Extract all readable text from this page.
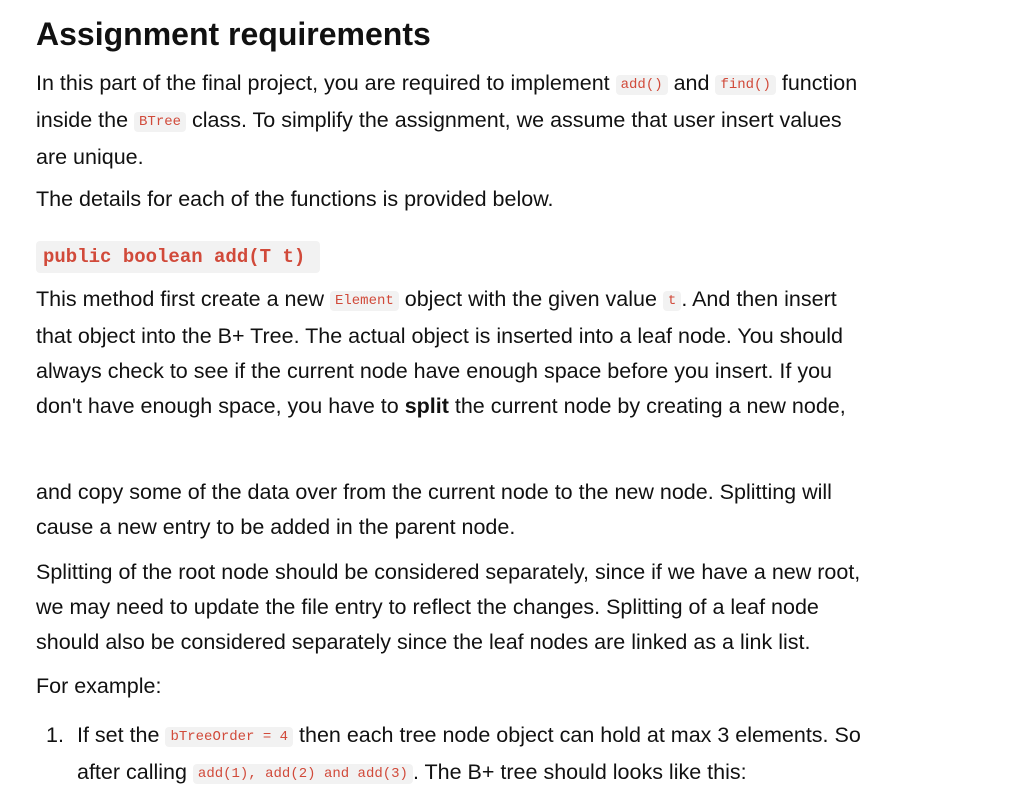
Assignment requirements

In this part of the final project, you are required to implement add() and find() function
inside the BTree class. To simplify the assignment, we assume that user insert values
are unique.

The details for each of the functions is provided below.

public boolean add(T t)

This method first create a new Element object with the given value t . And then insert
that object into the B+ Tree. The actual object is inserted into a leaf node. You should
always check to see if the current node have enough space before you insert. If you
don't have enough space, you have to split the current node by creating a new node,

and copy some of the data over from the current node to the new node. Splitting will
cause a new entry to be added in the parent node.

Splitting of the root node should be considered separately, since if we have a new root,
we may need to update the file entry to reflect the changes. Splitting of a leaf node
should also be considered separately since the leaf nodes are linked as a link list.

For example:

1. If set the bTreeOrder = 4 then each tree node object can hold at max 3 elements. So
after calling add(1), add(2) and add(3) . The B+ tree should looks like this:
